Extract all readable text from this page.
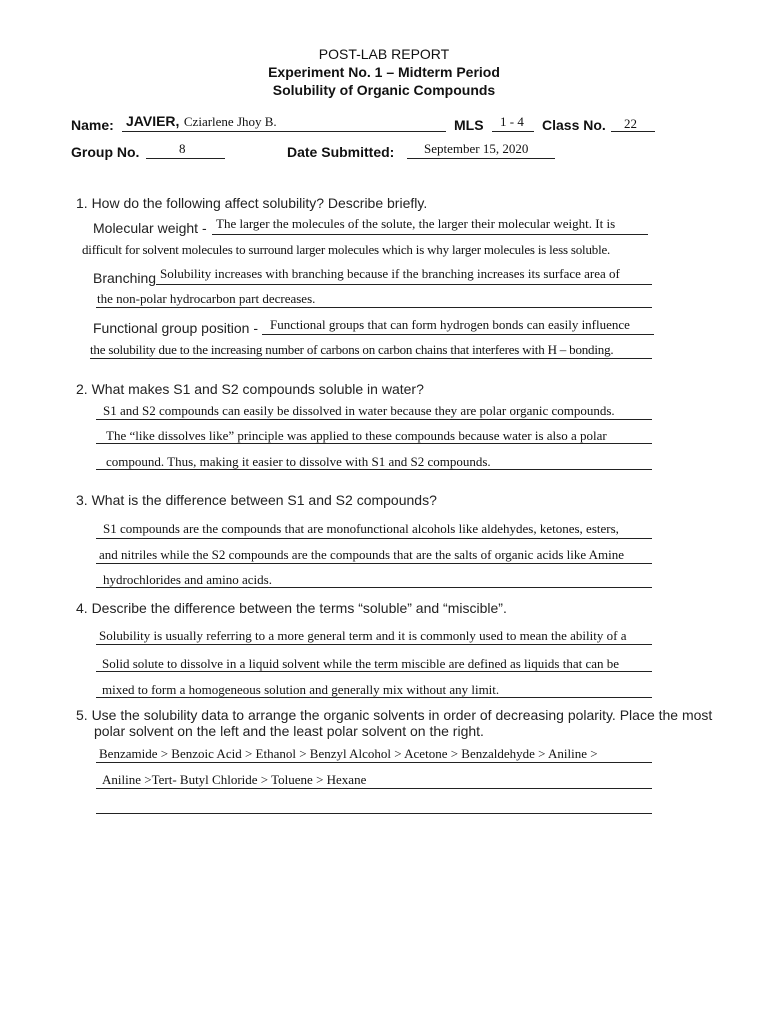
POST-LAB REPORT
Experiment No. 1 – Midterm Period
Solubility of Organic Compounds
Name: JAVIER, Cziarlene Jhoy B.	MLS 1 - 4 Class No. 22
Group No.	8	Date Submitted: September 15, 2020
1. How do the following affect solubility? Describe briefly.
Molecular weight - The larger the molecules of the solute, the larger their molecular weight. It is
difficult for solvent molecules to surround larger molecules which is why larger molecules is less soluble.
Branching Solubility increases with branching because if the branching increases its surface area of
the non-polar hydrocarbon part decreases.
Functional group position - Functional groups that can form hydrogen bonds can easily influence
the solubility due to the increasing number of carbons on carbon chains that interferes with H – bonding.
2. What makes S1 and S2 compounds soluble in water?
S1 and S2 compounds can easily be dissolved in water because they are polar organic compounds.
The “like dissolves like” principle was applied to these compounds because water is also a polar
compound. Thus, making it easier to dissolve with S1 and S2 compounds.
3. What is the difference between S1 and S2 compounds?
S1 compounds are the compounds that are monofunctional alcohols like aldehydes, ketones, esters,
and nitriles while the S2 compounds are the compounds that are the salts of organic acids like Amine
hydrochlorides and amino acids.
4. Describe the difference between the terms “soluble” and “miscible”.
Solubility is usually referring to a more general term and it is commonly used to mean the ability of a
Solid solute to dissolve in a liquid solvent while the term miscible are defined as liquids that can be
mixed to form a homogeneous solution and generally mix without any limit.
5. Use the solubility data to arrange the organic solvents in order of decreasing polarity. Place the most
polar solvent on the left and the least polar solvent on the right.
Benzamide > Benzoic Acid > Ethanol > Benzyl Alcohol > Acetone > Benzaldehyde > Aniline >
Aniline >Tert- Butyl Chloride > Toluene > Hexane
